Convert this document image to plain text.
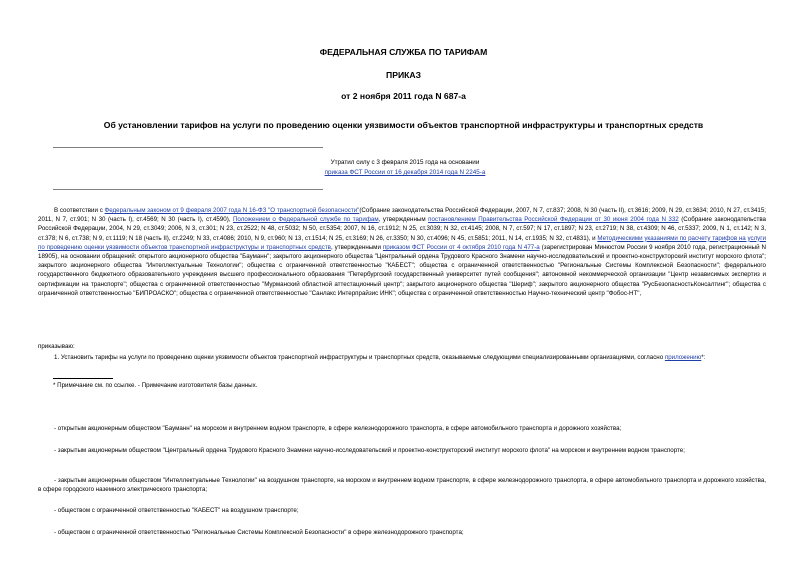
ФЕДЕРАЛЬНАЯ СЛУЖБА ПО ТАРИФАМ
ПРИКАЗ
от 2 ноября 2011 года N 687-а
Об установлении тарифов на услуги по проведению оценки уязвимости объектов транспортной инфраструктуры и транспортных средств
Утратил силу с 3 февраля 2015 года на основании
приказа ФСТ России от 16 декабря 2014 года N 2245-а
В соответствии с Федеральным законом от 9 февраля 2007 года N 16-ФЗ "О транспортной безопасности"(Собрание законодательства Российской Федерации, 2007, N 7, ст.837; 2008, N 30 (часть II), ст.3616; 2009, N 29, ст.3634; 2010, N 27, ст.3415; 2011, N 7, ст.901; N 30 (часть I), ст.4569; N 30 (часть I), ст.4590), Положением о Федеральной службе по тарифам, утвержденным постановлением Правительства Российской Федерации от 30 июня 2004 года N 332 (Собрание законодательства Российской Федерации, 2004, N 29, ст.3049; 2006, N 3, ст.301; N 23, ст.2522; N 48, ст.5032; N 50, ст.5354; 2007, N 16, ст.1912; N 25, ст.3039; N 32, ст.4145; 2008, N 7, ст.597; N 17, ст.1897; N 23, ст.2719; N 38, ст.4309; N 46, ст.5337; 2009, N 1, ст.142; N 3, ст.378; N 6, ст.738; N 9, ст.1119; N 18 (часть II), ст.2249; N 33, ст.4086; 2010, N 9, ст.960; N 13, ст.1514; N 25, ст.3169; N 26, ст.3350; N 30, ст.4096; N 45, ст.5851; 2011, N 14, ст.1935; N 32, ст.4831), и Методическими указаниями по расчету тарифов на услуги по проведению оценки уязвимости объектов транспортной инфраструктуры и транспортных средств, утвержденными приказом ФСТ России от 4 октября 2010 года N 477-а (зарегистрирован Минюстом России 9 ноября 2010 года, регистрационный N 18905), на основании обращений: открытого акционерного общества "Бауманн"; закрытого акционерного общества "Центральный ордена Трудового Красного Знамени научно-исследовательский и проектно-конструкторский институт морского флота"; закрытого акционерного общества "Интеллектуальные Технологии"; общества с ограниченной ответственностью "КАБЕСТ"; общества с ограниченной ответственностью "Региональные Системы Комплексной Безопасности"; федерального государственного бюджетного образовательного учреждения высшего профессионального образования "Петербургский государственный университет путей сообщения"; автономной некоммерческой организации "Центр независимых экспертиз и сертификации на транспорте"; общества с ограниченной ответственностью "Мурманский областной аттестационный центр"; закрытого акционерного общества "Шериф"; закрытого акционерного общества "РусБезопасностьКонсалтинг"; общества с ограниченной ответственностью "БИПРОАСКО"; общества с ограниченной ответственностью "Санлакс Интерпрайзис ИНК"; общества с ограниченной ответственностью Научно-технический центр "Фобос-НТ",
приказываю:
1. Установить тарифы на услуги по проведению оценки уязвимости объектов транспортной инфраструктуры и транспортных средств, оказываемые следующими специализированными организациями, согласно приложению*:
* Примечание см. по ссылке. - Примечание изготовителя базы данных.
- открытым акционерным обществом "Бауманн" на морском и внутреннем водном транспорте, в сфере железнодорожного транспорта, в сфере автомобильного транспорта и дорожного хозяйства;
- закрытым акционерным обществом "Центральный ордена Трудового Красного Знамени научно-исследовательский и проектно-конструкторский институт морского флота" на морском и внутреннем водном транспорте;
- закрытым акционерным обществом "Интеллектуальные Технологии" на воздушном транспорте, на морском и внутреннем водном транспорте, в сфере железнодорожного транспорта, в сфере автомобильного транспорта и дорожного хозяйства, в сфере городского наземного электрического транспорта;
- обществом с ограниченной ответственностью "КАБЕСТ" на воздушном транспорте;
- обществом с ограниченной ответственностью "Региональные Системы Комплексной Безопасности" в сфере железнодорожного транспорта;
